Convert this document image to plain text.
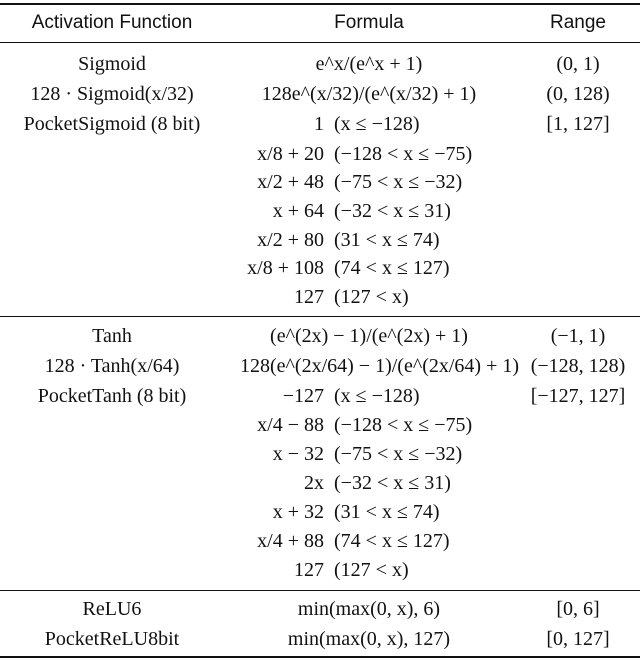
Activation Function	Formula	Range
Sigmoid
128 · Sigmoid(x/32)
PocketSigmoid (8 bit)
e^x/(e^x + 1)
128e^(x/32)/(e^(x/32) + 1)
(0, 1)
(0, 128)
[1, 127]
1 (x ≤ −128)
x/8 + 20 (−128 < x ≤ −75)
x/2 + 48 (−75 < x ≤ −32)
x + 64 (−32 < x ≤ 31)
x/2 + 80 (31 < x ≤ 74)
x/8 + 108 (74 < x ≤ 127)
127 (127 < x)
Tanh
128 · Tanh(x/64)
PocketTanh (8 bit)
(e^(2x) − 1)/(e^(2x) + 1)
128(e^(2x/64) − 1)/(e^(2x/64) + 1)
(−1, 1)
(−128, 128)
[−127, 127]
−127 (x ≤ −128)
x/4 − 88 (−128 < x ≤ −75)
x − 32 (−75 < x ≤ −32)
2x (−32 < x ≤ 31)
x + 32 (31 < x ≤ 74)
x/4 + 88 (74 < x ≤ 127)
127 (127 < x)
ReLU6
PocketReLU8bit
min(max(0, x), 6)
min(max(0, x), 127)
[0, 6]
[0, 127]
